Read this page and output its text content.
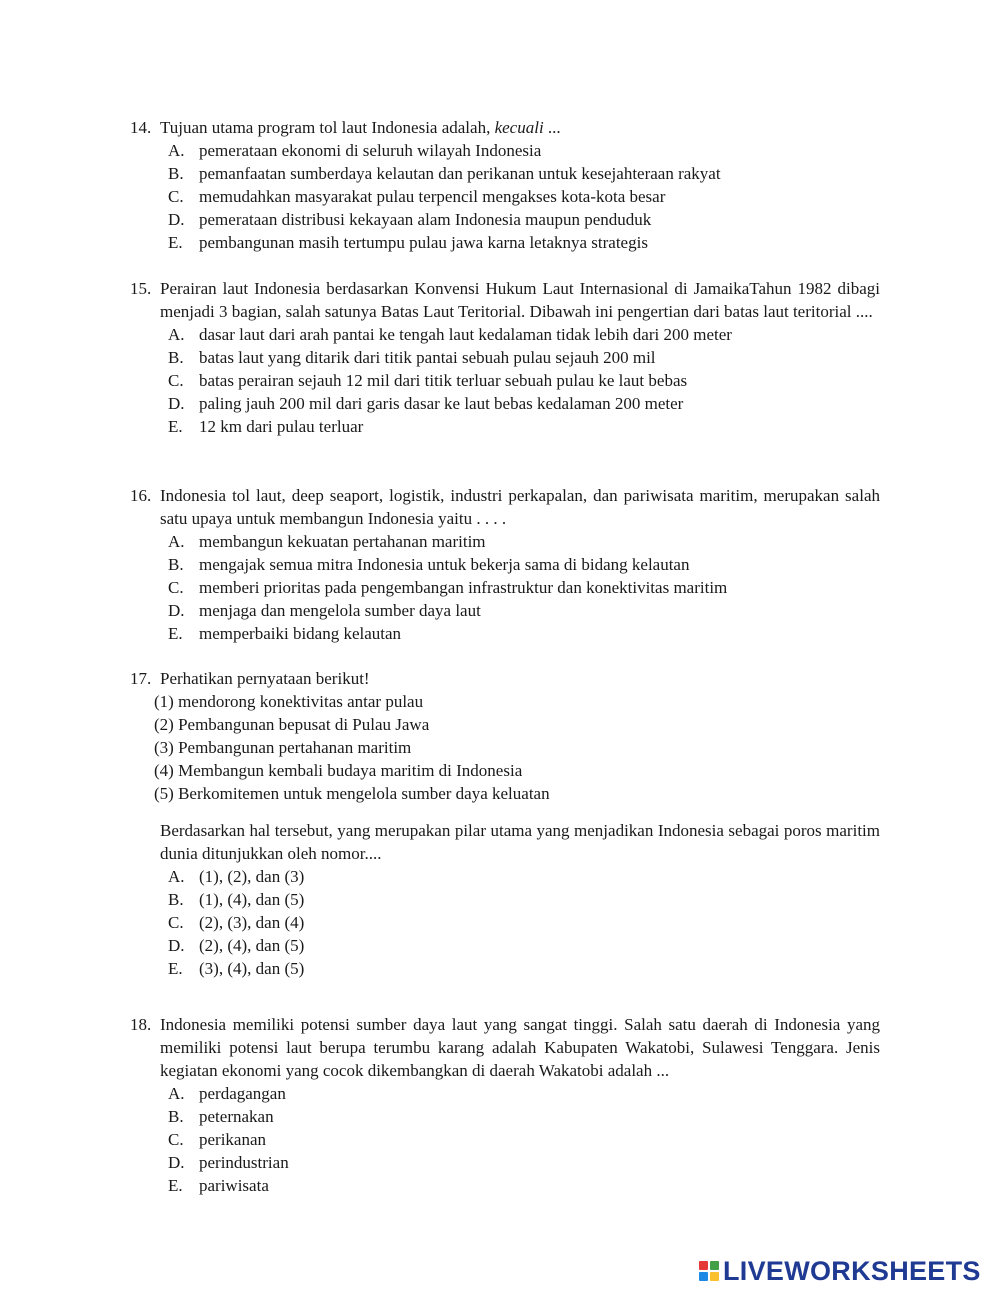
14. Tujuan utama program tol laut Indonesia adalah, kecuali ...
A. pemerataan ekonomi di seluruh wilayah Indonesia
B. pemanfaatan sumberdaya kelautan dan perikanan untuk kesejahteraan rakyat
C. memudahkan masyarakat pulau terpencil mengakses kota-kota besar
D. pemerataan distribusi kekayaan alam Indonesia maupun penduduk
E. pembangunan masih tertumpu pulau jawa karna letaknya strategis
15. Perairan laut Indonesia berdasarkan Konvensi Hukum Laut Internasional di JamaikaTahun 1982 dibagi menjadi 3 bagian, salah satunya Batas Laut Teritorial. Dibawah ini pengertian dari batas laut teritorial ....
A. dasar laut dari arah pantai ke tengah laut kedalaman tidak lebih dari 200 meter
B. batas laut yang ditarik dari titik pantai sebuah pulau sejauh 200 mil
C. batas perairan sejauh 12 mil dari titik terluar sebuah pulau ke laut bebas
D. paling jauh 200 mil dari garis dasar ke laut bebas kedalaman 200 meter
E. 12 km dari pulau terluar
16. Indonesia tol laut, deep seaport, logistik, industri perkapalan, dan pariwisata maritim, merupakan salah satu upaya untuk membangun Indonesia yaitu . . . .
A. membangun kekuatan pertahanan maritim
B. mengajak semua mitra Indonesia untuk bekerja sama di bidang kelautan
C. memberi prioritas pada pengembangan infrastruktur dan konektivitas maritim
D. menjaga dan mengelola sumber daya laut
E. memperbaiki bidang kelautan
17. Perhatikan pernyataan berikut!
(1) mendorong konektivitas antar pulau
(2) Pembangunan bepusat di Pulau Jawa
(3) Pembangunan pertahanan maritim
(4) Membangun kembali budaya maritim di Indonesia
(5) Berkomitemen untuk mengelola sumber daya keluatan
Berdasarkan hal tersebut, yang merupakan pilar utama yang menjadikan Indonesia sebagai poros maritim dunia ditunjukkan oleh nomor....
A. (1), (2), dan (3)
B. (1), (4), dan (5)
C. (2), (3), dan (4)
D. (2), (4), dan (5)
E. (3), (4), dan (5)
18. Indonesia memiliki potensi sumber daya laut yang sangat tinggi. Salah satu daerah di Indonesia yang memiliki potensi laut berupa terumbu karang adalah Kabupaten Wakatobi, Sulawesi Tenggara. Jenis kegiatan ekonomi yang cocok dikembangkan di daerah Wakatobi adalah ...
A. perdagangan
B. peternakan
C. perikanan
D. perindustrian
E. pariwisata
LIVEWORKSHEETS
